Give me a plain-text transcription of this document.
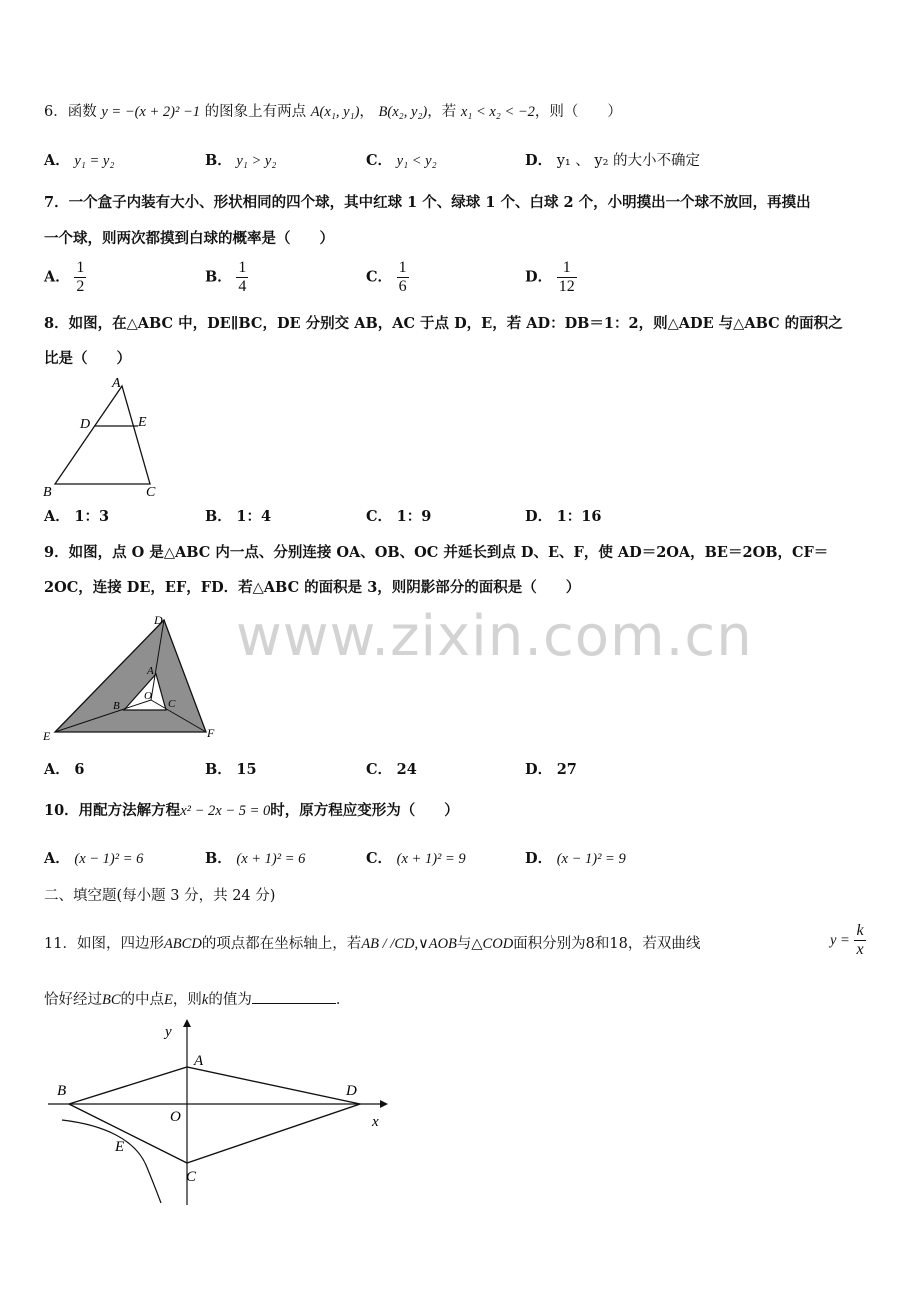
www.zixin.com.cn
6．函数 y = −(x + 2)² −1 的图象上有两点 A(x₁, y₁)， B(x₂, y₂)，若 x₁ < x₂ < −2，则（　　）
A． y₁ = y₂	B． y₁ > y₂	C． y₁ < y₂	D． y₁ 、 y₂ 的大小不确定
7．一个盒子内装有大小、形状相同的四个球，其中红球 1 个、绿球 1 个、白球 2 个，小明摸出一个球不放回，再摸出
一个球，则两次都摸到白球的概率是（　　）
A． $\frac{1}{2}$	B． $\frac{1}{4}$	C． $\frac{1}{6}$	D． $\frac{1}{12}$
8．如图，在△ABC 中，DE∥BC，DE 分别交 AB，AC 于点 D，E，若 AD：DB＝1：2，则△ADE 与△ABC 的面积之
比是（　　）
A
D	E
B	C
A． 1：3	B． 1：4	C． 1：9	D． 1：16
9．如图，点 O 是△ABC 内一点、分别连接 OA、OB、OC 并延长到点 D、E、F，使 AD＝2OA，BE＝2OB，CF＝
2OC，连接 DE，EF，FD．若△ABC 的面积是 3，则阴影部分的面积是（　　）
D
A
O
B	C
E	F
A． 6	B． 15	C． 24	D． 27
10．用配方法解方程x² − 2x − 5 = 0时，原方程应变形为（　　）
A． (x − 1)² = 6	B． (x + 1)² = 6	C． (x + 1)² = 9	D． (x − 1)² = 9
二、填空题(每小题 3 分，共 24 分)
11．如图，四边形ABCD的项点都在坐标轴上，若AB / /CD,∨AOB与△COD面积分别为8和18，若双曲线	$y = \frac{k}{x}$
恰好经过BC的中点E，则k的值为	．
y
x
A
B	D
O
E
C
